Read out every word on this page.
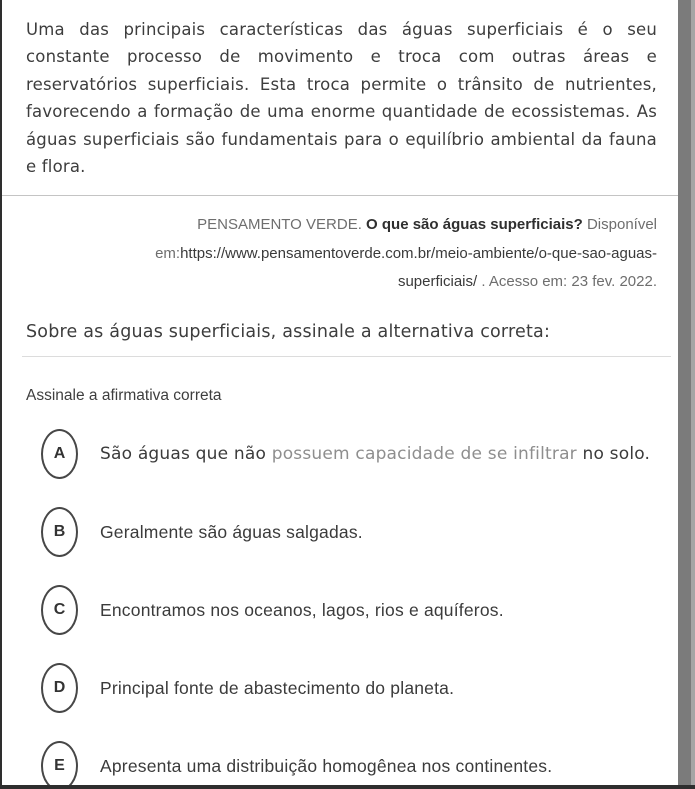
Uma das principais características das águas superficiais é o seu constante processo de movimento e troca com outras áreas e reservatórios superficiais. Esta troca permite o trânsito de nutrientes, favorecendo a formação de uma enorme quantidade de ecossistemas. As águas superficiais são fundamentais para o equilíbrio ambiental da fauna e flora.

PENSAMENTO VERDE. O que são águas superficiais? Disponível
em:https://www.pensamentoverde.com.br/meio-ambiente/o-que-sao-aguas-
superficiais/ . Acesso em: 23 fev. 2022.
Sobre as águas superficiais, assinale a alternativa correta:

Assinale a afirmativa correta

A São águas que não possuem capacidade de se infiltrar no solo.
B Geralmente são águas salgadas.
C Encontramos nos oceanos, lagos, rios e aquíferos.
D Principal fonte de abastecimento do planeta.
E Apresenta uma distribuição homogênea nos continentes.
